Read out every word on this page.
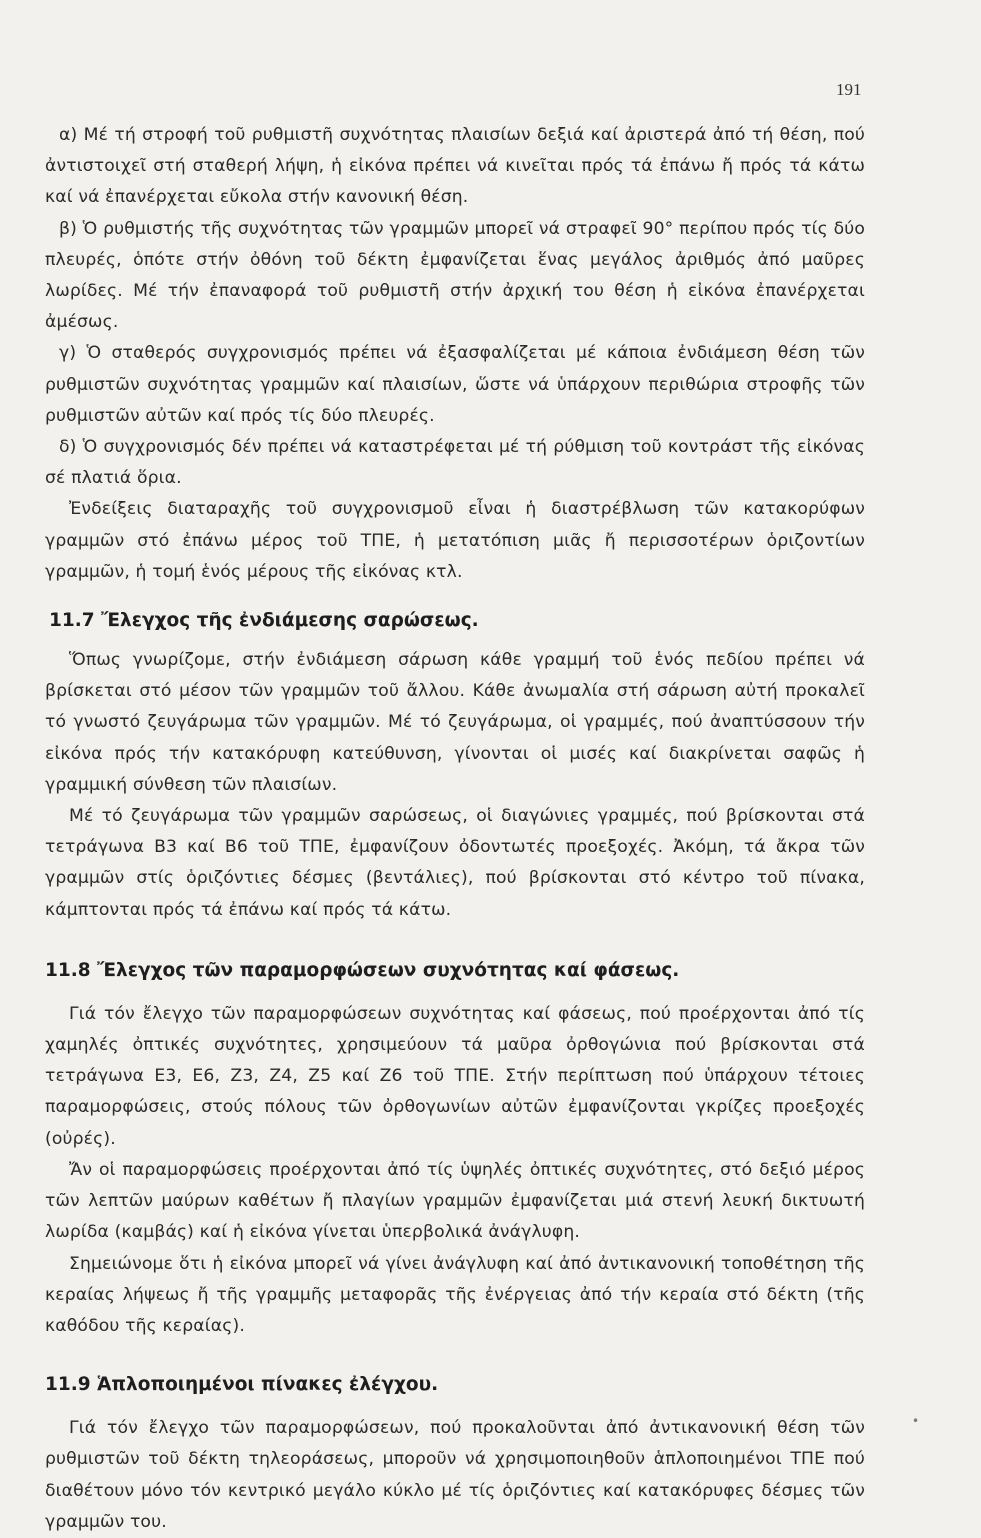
191

α) Μέ τή στροφή τοῦ ρυθμιστῆ συχνότητας πλαισίων δεξιά καί ἀριστερά ἀπό τή θέση, πού ἀντιστοιχεῖ στή σταθερή λήψη, ἡ εἰκόνα πρέπει νά κινεῖται πρός τά ἐπάνω ἤ πρός τά κάτω καί νά ἐπανέρχεται εὔκολα στήν κανονική θέση.

β) Ὁ ρυθμιστής τῆς συχνότητας τῶν γραμμῶν μπορεῖ νά στραφεῖ 90° περίπου πρός τίς δύο πλευρές, ὁπότε στήν ὀθόνη τοῦ δέκτη ἐμφανίζεται ἕνας μεγάλος ἀριθμός ἀπό μαῦρες λωρίδες. Μέ τήν ἐπαναφορά τοῦ ρυθμιστῆ στήν ἀρχική του θέση ἡ εἰκόνα ἐπανέρχεται ἀμέσως.

γ) Ὁ σταθερός συγχρονισμός πρέπει νά ἐξασφαλίζεται μέ κάποια ἐνδιάμεση θέση τῶν ρυθμιστῶν συχνότητας γραμμῶν καί πλαισίων, ὥστε νά ὑπάρχουν περιθώρια στροφῆς τῶν ρυθμιστῶν αὐτῶν καί πρός τίς δύο πλευρές.

δ) Ὁ συγχρονισμός δέν πρέπει νά καταστρέφεται μέ τή ρύθμιση τοῦ κοντράστ τῆς εἰκόνας σέ πλατιά ὅρια.

Ἐνδείξεις διαταραχῆς τοῦ συγχρονισμοῦ εἶναι ἡ διαστρέβλωση τῶν κατακορύφων γραμμῶν στό ἐπάνω μέρος τοῦ ΤΠΕ, ἡ μετατόπιση μιᾶς ἤ περισσοτέρων ὁριζοντίων γραμμῶν, ἡ τομή ἑνός μέρους τῆς εἰκόνας κτλ.

11.7 Ἔλεγχος τῆς ἐνδιάμεσης σαρώσεως.

Ὅπως γνωρίζομε, στήν ἐνδιάμεση σάρωση κάθε γραμμή τοῦ ἑνός πεδίου πρέπει νά βρίσκεται στό μέσον τῶν γραμμῶν τοῦ ἄλλου. Κάθε ἀνωμαλία στή σάρωση αὐτή προκαλεῖ τό γνωστό ζευγάρωμα τῶν γραμμῶν. Μέ τό ζευγάρωμα, οἱ γραμμές, πού ἀναπτύσσουν τήν εἰκόνα πρός τήν κατακόρυφη κατεύθυνση, γίνονται οἱ μισές καί διακρίνεται σαφῶς ἡ γραμμική σύνθεση τῶν πλαισίων.

Μέ τό ζευγάρωμα τῶν γραμμῶν σαρώσεως, οἱ διαγώνιες γραμμές, πού βρίσκονται στά τετράγωνα Β3 καί Β6 τοῦ ΤΠΕ, ἐμφανίζουν ὀδοντωτές προεξοχές. Ἀκόμη, τά ἄκρα τῶν γραμμῶν στίς ὁριζόντιες δέσμες (βεντάλιες), πού βρίσκονται στό κέντρο τοῦ πίνακα, κάμπτονται πρός τά ἐπάνω καί πρός τά κάτω.

11.8 Ἔλεγχος τῶν παραμορφώσεων συχνότητας καί φάσεως.

Γιά τόν ἔλεγχο τῶν παραμορφώσεων συχνότητας καί φάσεως, πού προέρχονται ἀπό τίς χαμηλές ὀπτικές συχνότητες, χρησιμεύουν τά μαῦρα ὀρθογώνια πού βρίσκονται στά τετράγωνα Ε3, Ε6, Ζ3, Ζ4, Ζ5 καί Ζ6 τοῦ ΤΠΕ. Στήν περίπτωση πού ὑπάρχουν τέτοιες παραμορφώσεις, στούς πόλους τῶν ὀρθογωνίων αὐτῶν ἐμφανίζονται γκρίζες προεξοχές (οὐρές).

Ἄν οἱ παραμορφώσεις προέρχονται ἀπό τίς ὑψηλές ὀπτικές συχνότητες, στό δεξιό μέρος τῶν λεπτῶν μαύρων καθέτων ἤ πλαγίων γραμμῶν ἐμφανίζεται μιά στενή λευκή δικτυωτή λωρίδα (καμβάς) καί ἡ εἰκόνα γίνεται ὑπερβολικά ἀνάγλυφη.

Σημειώνομε ὅτι ἡ εἰκόνα μπορεῖ νά γίνει ἀνάγλυφη καί ἀπό ἀντικανονική τοποθέτηση τῆς κεραίας λήψεως ἤ τῆς γραμμῆς μεταφορᾶς τῆς ἐνέργειας ἀπό τήν κεραία στό δέκτη (τῆς καθόδου τῆς κεραίας).

11.9 Ἁπλοποιημένοι πίνακες ἐλέγχου.

Γιά τόν ἔλεγχο τῶν παραμορφώσεων, πού προκαλοῦνται ἀπό ἀντικανονική θέση τῶν ρυθμιστῶν τοῦ δέκτη τηλεοράσεως, μποροῦν νά χρησιμοποιηθοῦν ἁπλοποιημένοι ΤΠΕ πού διαθέτουν μόνο τόν κεντρικό μεγάλο κύκλο μέ τίς ὁριζόντιες καί κατακόρυφες δέσμες τῶν γραμμῶν του.

•
